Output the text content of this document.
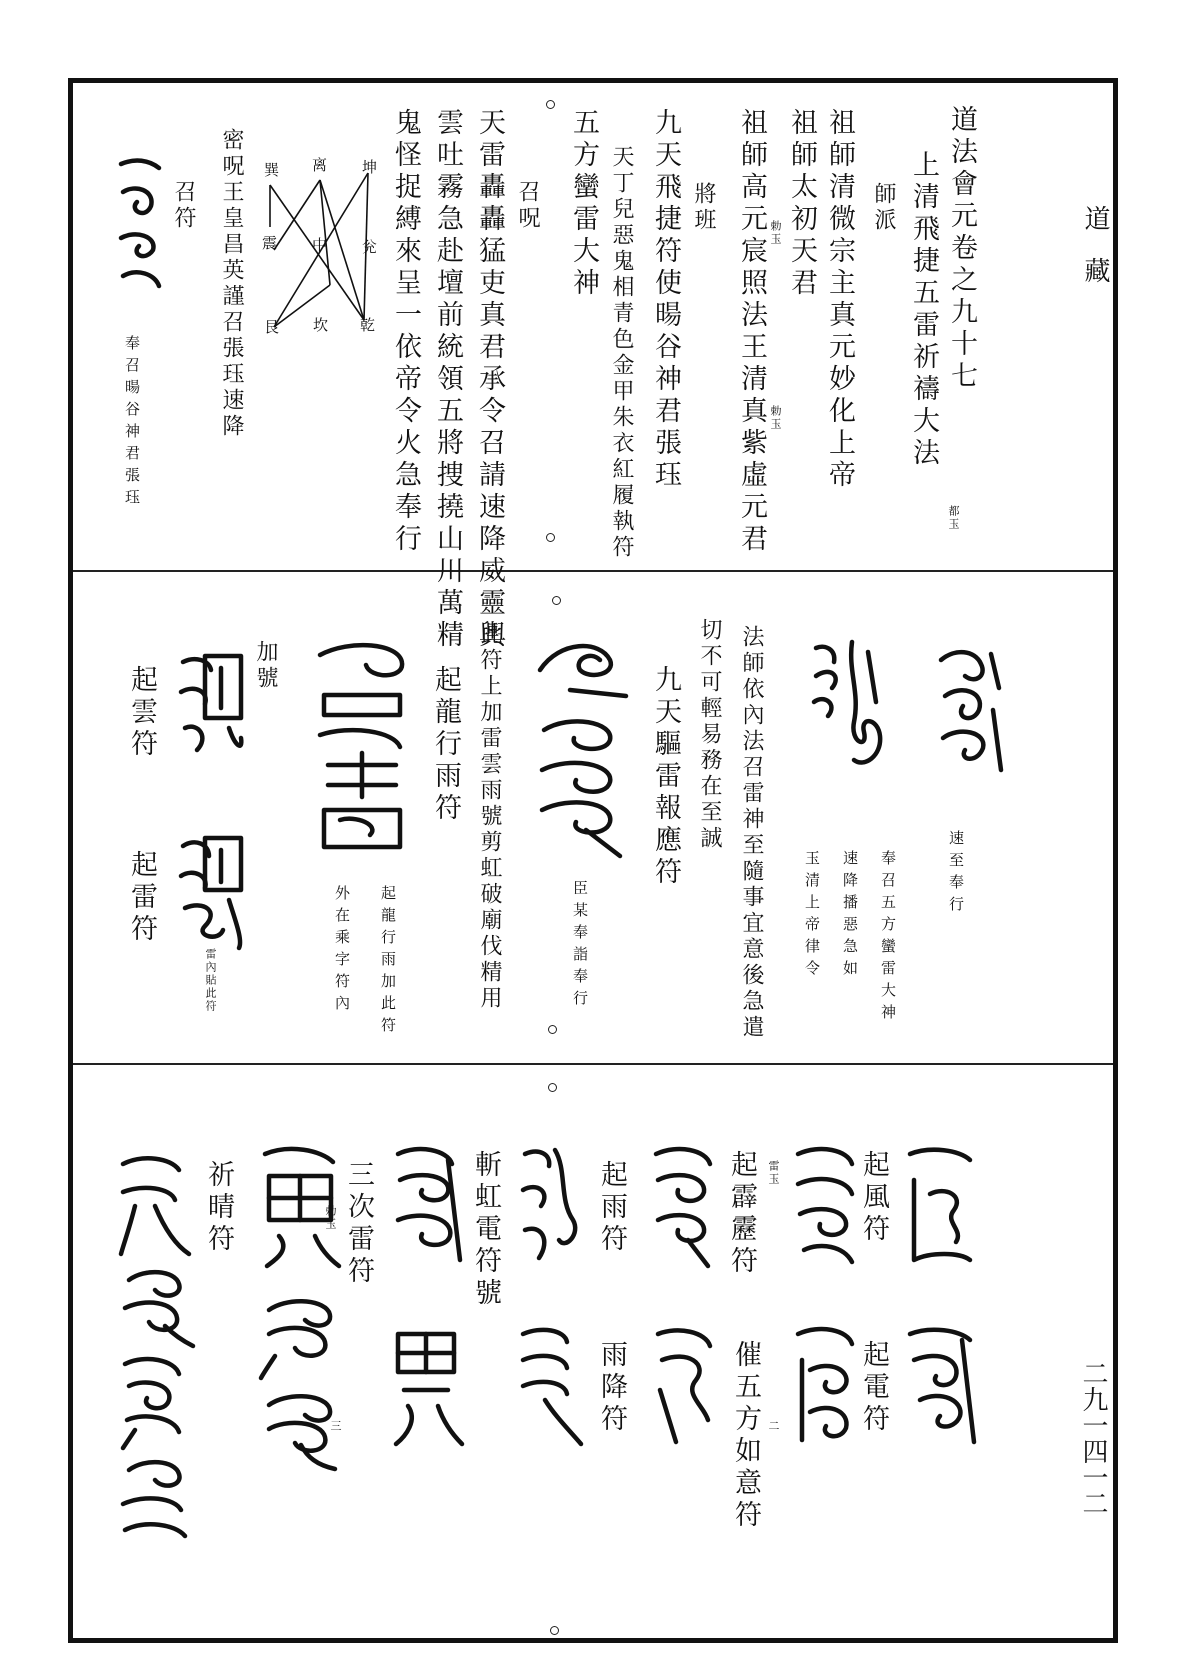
道　藏
二九一四一二
道法會元卷之九十七
上清飛捷五雷祈禱大法
師派
祖師清微宗主真元妙化上帝
祖師太初天君
祖師高元宸照法王清真紫虛元君	都玉
勅玉
勅玉
將班
九天飛捷符使暘谷神君張珏
天丁兒惡鬼相青色金甲朱衣紅履執符
五方蠻雷大神
召呪
天雷轟轟猛吏真君承令召請速降威靈輿
雲吐霧急赴壇前統領五將捜撓山川萬精
鬼怪捉縛來呈一依帝令火急奉行
坤
兊
乾
坎
艮
震
巽 离
中
密呪王皇昌英謹召張珏速降
召符
奉召暘谷神君張珏
速至奉行
奉召五方蠻雷大神
速降播惡急如
玉清上帝律令
法師依內法召雷神至隨事宜意後急遣
切不可輕易務在至誠
九天驅雷報應符
臣某奉詣奉行
此符上加雷雲雨號剪虹破廟伐精用
起龍行雨符
起龍行雨加此符
外在乘字符內
加號
起雲符
起雷符
雷內貼此符
起風符
起電符
起霹靂符 雷玉
催五方如意符 二
起雨符
雨降符
斬虹電符號
三次雷符
勅玉
三
祈晴符
